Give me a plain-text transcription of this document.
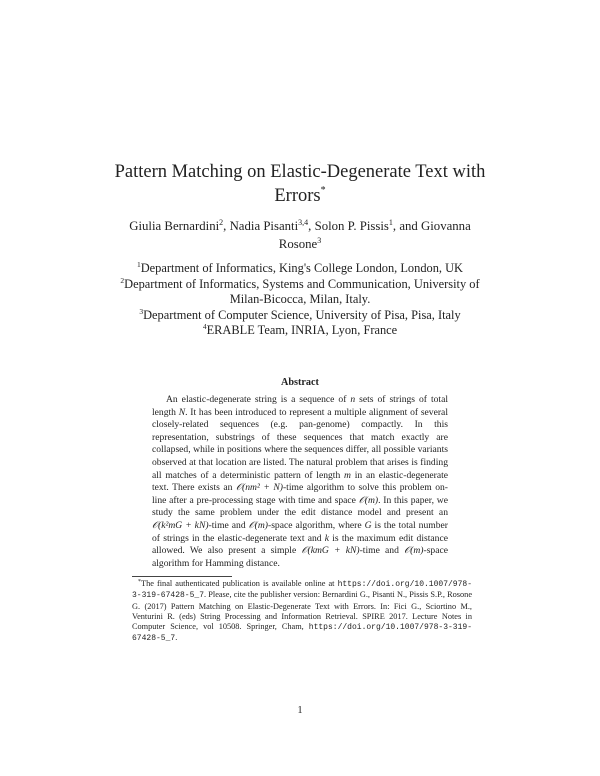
Pattern Matching on Elastic-Degenerate Text with Errors*
Giulia Bernardini$^2$, Nadia Pisanti$^{3,4}$, Solon P. Pissis$^1$, and Giovanna Rosone$^3$
$^1$Department of Informatics, King's College London, London, UK
$^2$Department of Informatics, Systems and Communication, University of Milan-Bicocca, Milan, Italy.
$^3$Department of Computer Science, University of Pisa, Pisa, Italy
$^4$ERABLE Team, INRIA, Lyon, France
Abstract
An elastic-degenerate string is a sequence of n sets of strings of total length N. It has been introduced to represent a multiple alignment of several closely-related sequences (e.g. pan-genome) compactly. In this representation, substrings of these sequences that match exactly are collapsed, while in positions where the sequences differ, all possible variants observed at that location are listed. The natural problem that arises is finding all matches of a deterministic pattern of length m in an elastic-degenerate text. There exists an 𝒪(nm² + N)-time algorithm to solve this problem on-line after a pre-processing stage with time and space 𝒪(m). In this paper, we study the same problem under the edit distance model and present an 𝒪(k²mG + kN)-time and 𝒪(m)-space algorithm, where G is the total number of strings in the elastic-degenerate text and k is the maximum edit distance allowed. We also present a simple 𝒪(kmG + kN)-time and 𝒪(m)-space algorithm for Hamming distance.
*The final authenticated publication is available online at https://doi.org/10.1007/978-3-319-67428-5_7. Please, cite the publisher version: Bernardini G., Pisanti N., Pissis S.P., Rosone G. (2017) Pattern Matching on Elastic-Degenerate Text with Errors. In: Fici G., Sciortino M., Venturini R. (eds) String Processing and Information Retrieval. SPIRE 2017. Lecture Notes in Computer Science, vol 10508. Springer, Cham, https://doi.org/10.1007/978-3-319-67428-5_7.
1
